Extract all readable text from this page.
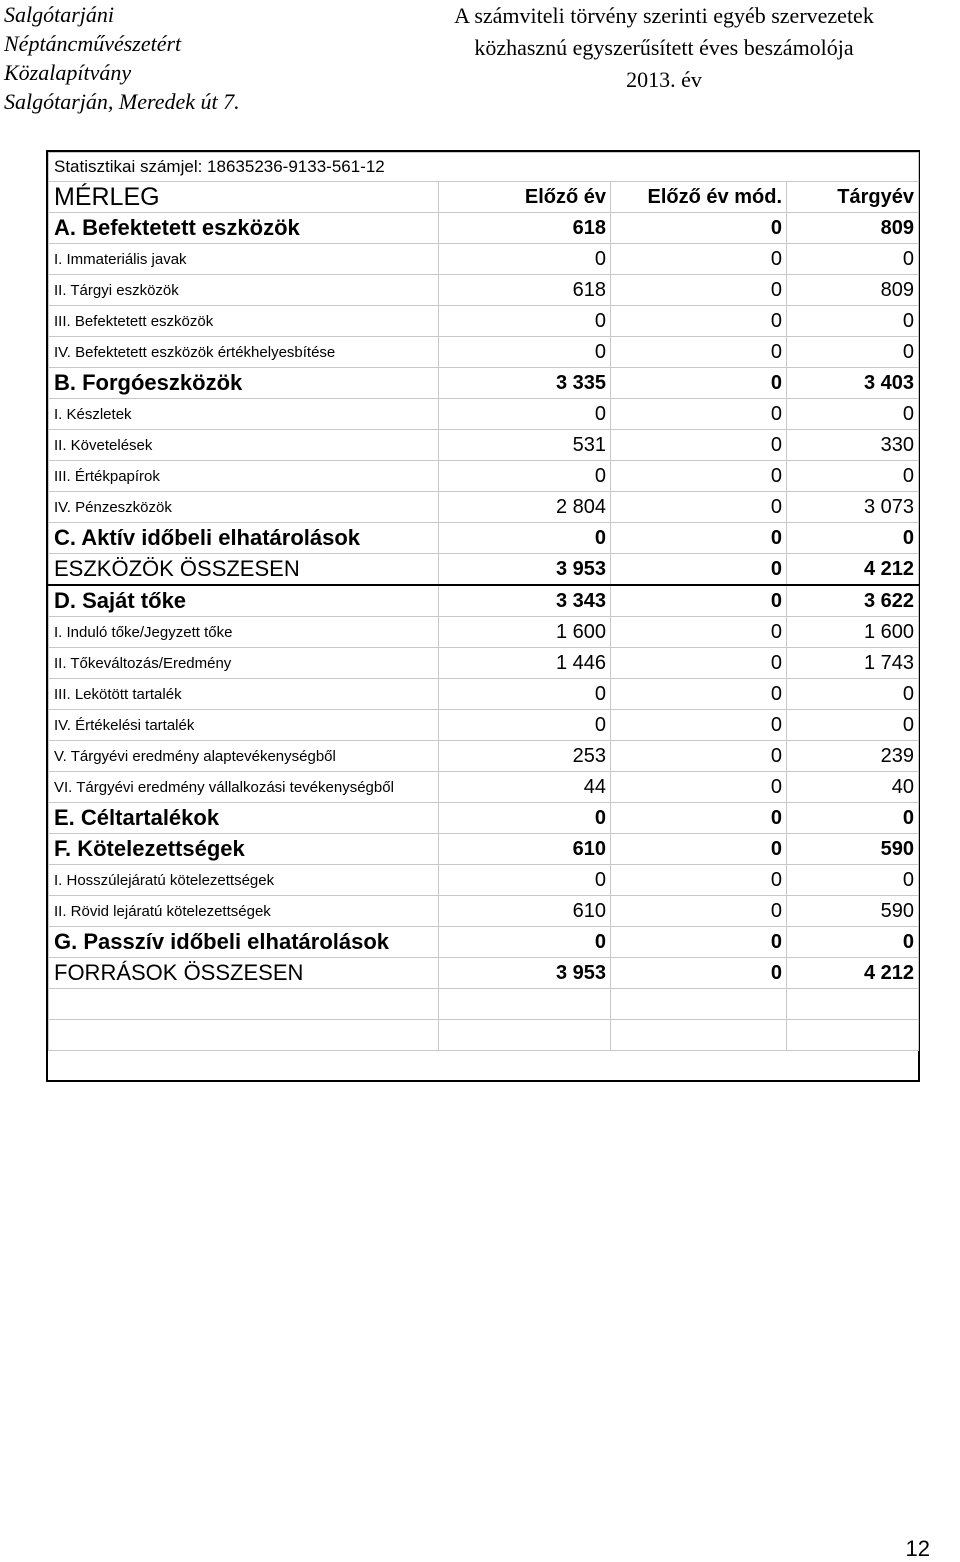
Salgótarjáni
Néptáncművészetért
Közalapítvány
Salgótarján, Meredek út 7.
A számviteli törvény szerinti egyéb szervezetek
közhasznú egyszerűsített éves beszámolója
2013. év
Statisztikai számjel: 18635236-9133-561-12			
MÉRLEG	Előző év	Előző év mód.	Tárgyév
A. Befektetett eszközök	618	0	809
I. Immateriális javak	0	0	0
II. Tárgyi eszközök	618	0	809
III. Befektetett eszközök	0	0	0
IV. Befektetett eszközök értékhelyesbítése	0	0	0
B. Forgóeszközök	3 335	0	3 403
I. Készletek	0	0	0
II. Követelések	531	0	330
III. Értékpapírok	0	0	0
IV. Pénzeszközök	2 804	0	3 073
C. Aktív időbeli elhatárolások	0	0	0
ESZKÖZÖK ÖSSZESEN	3 953	0	4 212
D. Saját tőke	3 343	0	3 622
I. Induló tőke/Jegyzett tőke	1 600	0	1 600
II. Tőkeváltozás/Eredmény	1 446	0	1 743
III. Lekötött tartalék	0	0	0
IV. Értékelési tartalék	0	0	0
V. Tárgyévi eredmény alaptevékenységből	253	0	239
VI. Tárgyévi eredmény vállalkozási tevékenységből	44	0	40
E. Céltartalékok	0	0	0
F. Kötelezettségek	610	0	590
I. Hosszúlejáratú kötelezettségek	0	0	0
II. Rövid lejáratú kötelezettségek	610	0	590
G. Passzív időbeli elhatárolások	0	0	0
FORRÁSOK ÖSSZESEN	3 953	0	4 212

12
